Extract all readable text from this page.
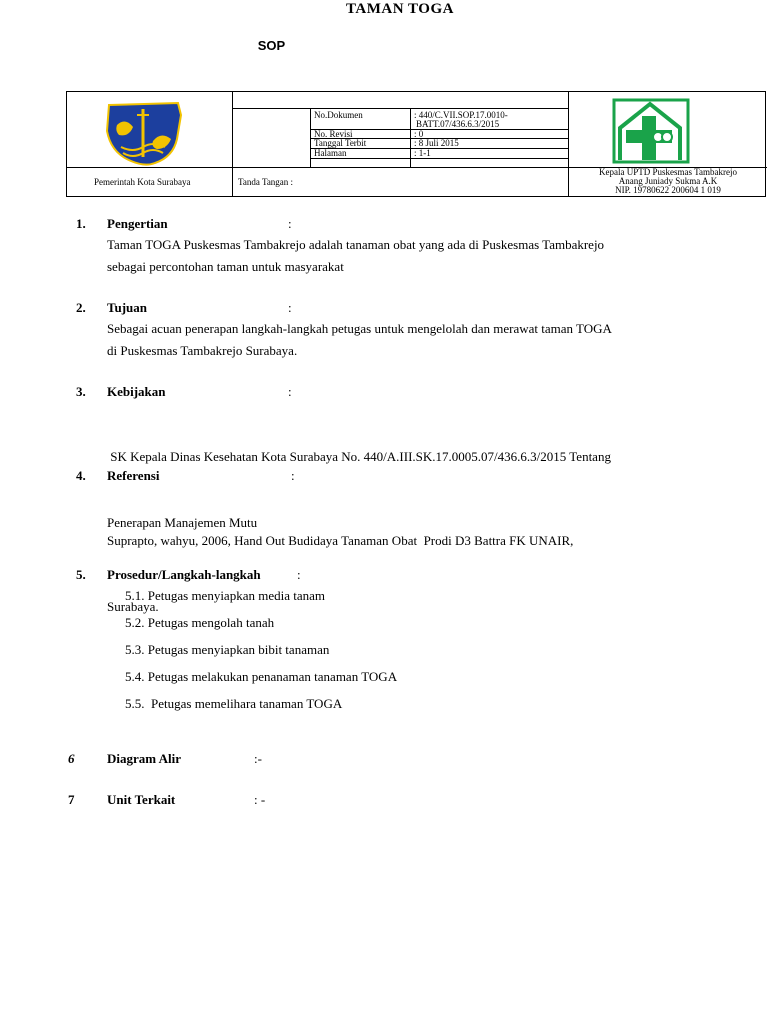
TAMAN TOGA
SOP
No.Dokumen	: 440/C.VII.SOP.17.0010-
BATT.07/436.6.3/2015
No. Revisi	: 0
Tanggal Terbit	: 8 Juli 2015
Halaman	: 1-1
Pemerintah Kota Surabaya	Tanda Tangan :
Kepala UPTD Puskesmas Tambakrejo
Anang Juniady Sukma A.K
NIP. 19780622 200604 1 019
1. Pengertian	:
Taman TOGA Puskesmas Tambakrejo adalah tanaman obat yang ada di Puskesmas Tambakrejo
sebagai percontohan taman untuk masyarakat
2. Tujuan	:
Sebagai acuan penerapan langkah-langkah petugas untuk mengelolah dan merawat taman TOGA
di Puskesmas Tambakrejo Surabaya.
3. Kebijakan	:

SK Kepala Dinas Kesehatan Kota Surabaya No. 440/A.III.SK.17.0005.07/436.6.3/2015 Tentang

Penerapan Manajemen Mutu

4. Referensi	:

Suprapto, wahyu, 2006, Hand Out Budidaya Tanaman Obat  Prodi D3 Battra FK UNAIR,

Surabaya.

5. Prosedur/Langkah-langkah	:
5.1. Petugas menyiapkan media tanam
5.2. Petugas mengolah tanah
5.3. Petugas menyiapkan bibit tanaman
5.4. Petugas melakukan penanaman tanaman TOGA
5.5.  Petugas memelihara tanaman TOGA
6	Diagram Alir	:-
7	Unit Terkait	: -
